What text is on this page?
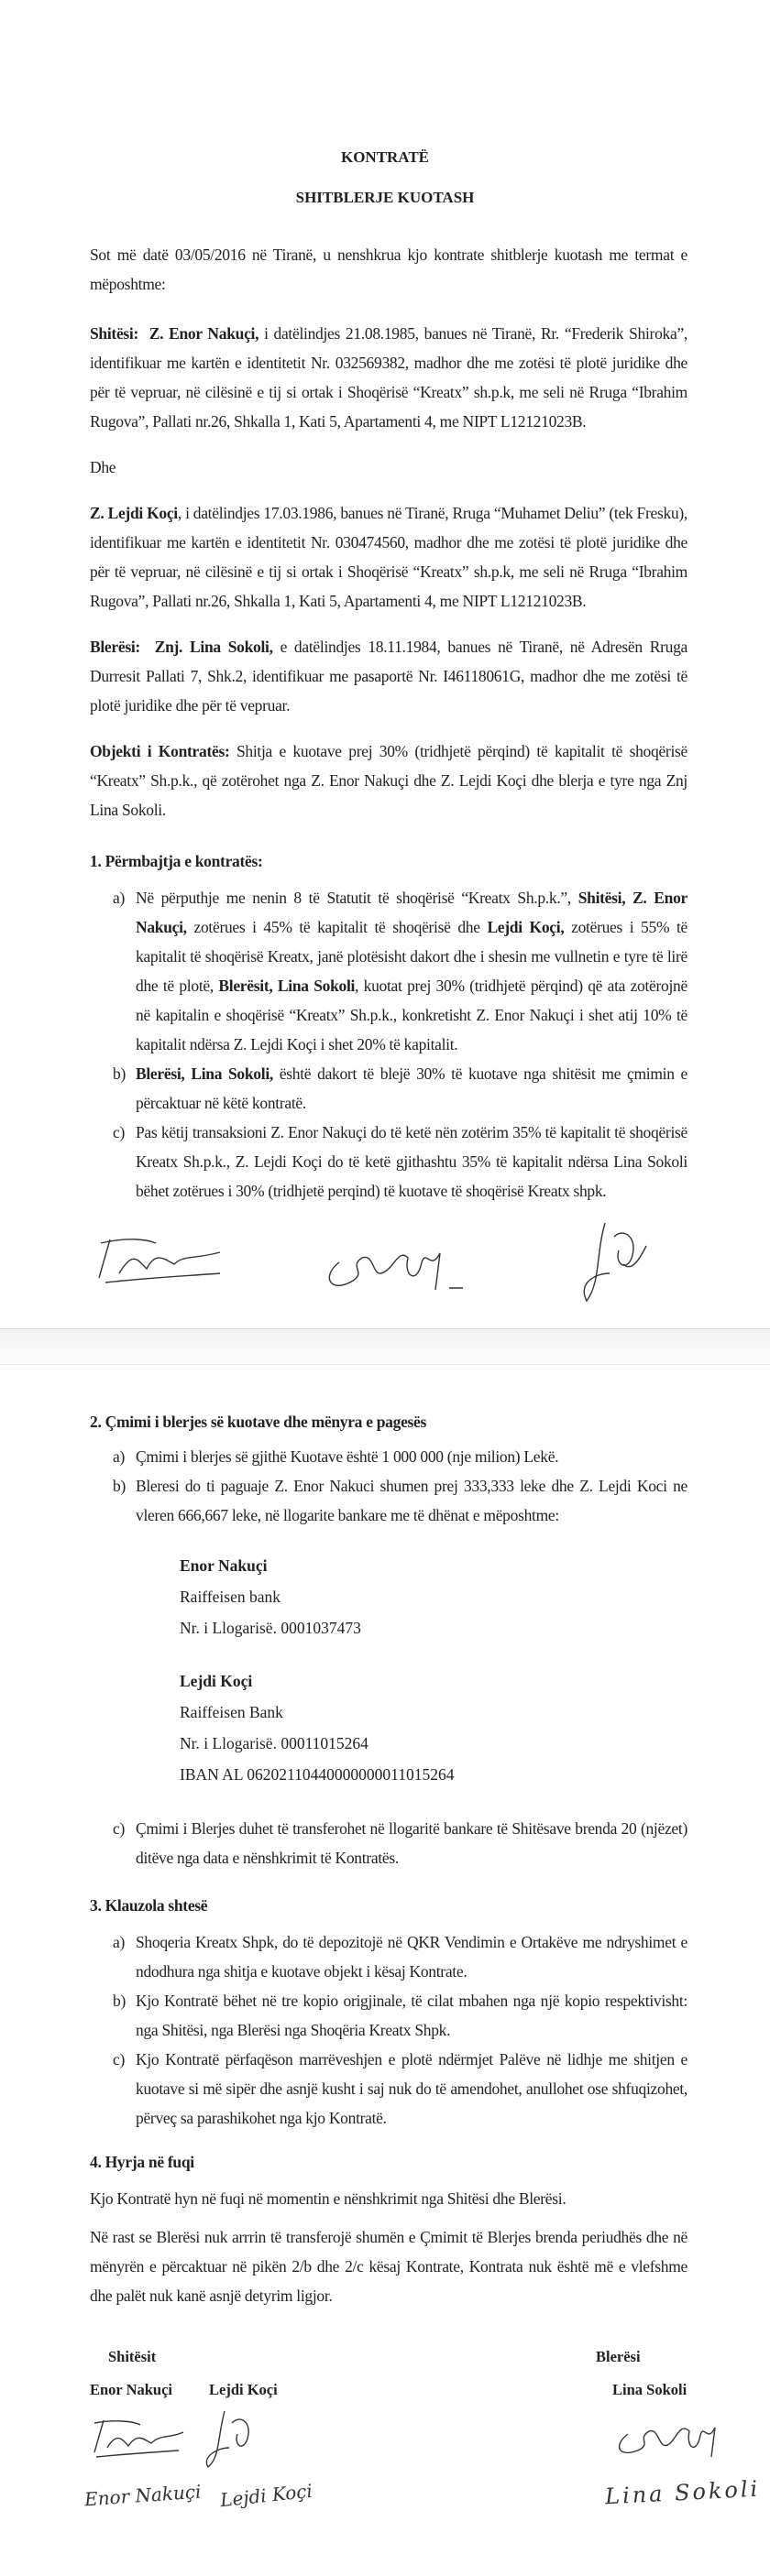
KONTRATË
SHITBLERJE KUOTASH
Sot më datë 03/05/2016 në Tiranë, u nenshkrua kjo kontrate shitblerje kuotash me termat e mëposhtme:
Shitësi: Z. Enor Nakuçi, i datëlindjes 21.08.1985, banues në Tiranë, Rr. “Frederik Shiroka”, identifikuar me kartën e identitetit Nr. 032569382, madhor dhe me zotësi të plotë juridike dhe për të vepruar, në cilësinë e tij si ortak i Shoqërisë “Kreatx” sh.p.k, me seli në Rruga “Ibrahim Rugova”, Pallati nr.26, Shkalla 1, Kati 5, Apartamenti 4, me NIPT L12121023B.
Dhe
Z. Lejdi Koçi, i datëlindjes 17.03.1986, banues në Tiranë, Rruga “Muhamet Deliu” (tek Fresku), identifikuar me kartën e identitetit Nr. 030474560, madhor dhe me zotësi të plotë juridike dhe për të vepruar, në cilësinë e tij si ortak i Shoqërisë “Kreatx” sh.p.k, me seli në Rruga “Ibrahim Rugova”, Pallati nr.26, Shkalla 1, Kati 5, Apartamenti 4, me NIPT L12121023B.
Blerësi: Znj. Lina Sokoli, e datëlindjes 18.11.1984, banues në Tiranë, në Adresën Rruga Durresit Pallati 7, Shk.2, identifikuar me pasaportë Nr. I46118061G, madhor dhe me zotësi të plotë juridike dhe për të vepruar.
Objekti i Kontratës: Shitja e kuotave prej 30% (tridhjetë përqind) të kapitalit të shoqërisë “Kreatx” Sh.p.k., që zotërohet nga Z. Enor Nakuçi dhe Z. Lejdi Koçi dhe blerja e tyre nga Znj Lina Sokoli.
1. Përmbajtja e kontratës:
a) Në përputhje me nenin 8 të Statutit të shoqërisë “Kreatx Sh.p.k.”, Shitësi, Z. Enor Nakuçi, zotërues i 45% të kapitalit të shoqërisë dhe Lejdi Koçi, zotërues i 55% të kapitalit të shoqërisë Kreatx, janë plotësisht dakort dhe i shesin me vullnetin e tyre të lirë dhe të plotë, Blerësit, Lina Sokoli, kuotat prej 30% (tridhjetë përqind) që ata zotërojnë në kapitalin e shoqërisë “Kreatx” Sh.p.k., konkretisht Z. Enor Nakuçi i shet atij 10% të kapitalit ndërsa Z. Lejdi Koçi i shet 20% të kapitalit.
b) Blerësi, Lina Sokoli, është dakort të blejë 30% të kuotave nga shitësit me çmimin e përcaktuar në këtë kontratë.
c) Pas këtij transaksioni Z. Enor Nakuçi do të ketë nën zotërim 35% të kapitalit të shoqërisë Kreatx Sh.p.k., Z. Lejdi Koçi do të ketë gjithashtu 35% të kapitalit ndërsa Lina Sokoli bëhet zotërues i 30% (tridhjetë perqind) të kuotave të shoqërisë Kreatx shpk.
2. Çmimi i blerjes së kuotave dhe mënyra e pagesës
a) Çmimi i blerjes së gjithë Kuotave është 1 000 000 (nje milion) Lekë.
b) Bleresi do ti paguaje Z. Enor Nakuci shumen prej 333,333 leke dhe Z. Lejdi Koci ne vleren 666,667 leke, në llogarite bankare me të dhënat e mëposhtme:
Enor Nakuçi
Raiffeisen bank
Nr. i Llogarisë. 0001037473
Lejdi Koçi
Raiffeisen Bank
Nr. i Llogarisë. 00011015264
IBAN AL 06202110440000000011015264
c) Çmimi i Blerjes duhet të transferohet në llogaritë bankare të Shitësave brenda 20 (njëzet) ditëve nga data e nënshkrimit të Kontratës.
3. Klauzola shtesë
a) Shoqeria Kreatx Shpk, do të depozitojë në QKR Vendimin e Ortakëve me ndryshimet e ndodhura nga shitja e kuotave objekt i kësaj Kontrate.
b) Kjo Kontratë bëhet në tre kopio origjinale, të cilat mbahen nga një kopio respektivisht: nga Shitësi, nga Blerësi nga Shoqëria Kreatx Shpk.
c) Kjo Kontratë përfaqëson marrëveshjen e plotë ndërmjet Palëve në lidhje me shitjen e kuotave si më sipër dhe asnjë kusht i saj nuk do të amendohet, anullohet ose shfuqizohet, përveç sa parashikohet nga kjo Kontratë.
4. Hyrja në fuqi
Kjo Kontratë hyn në fuqi në momentin e nënshkrimit nga Shitësi dhe Blerësi.
Në rast se Blerësi nuk arrrin të transferojë shumën e Çmimit të Blerjes brenda periudhës dhe në mënyrën e përcaktuar në pikën 2/b dhe 2/c kësaj Kontrate, Kontrata nuk është më e vlefshme dhe palët nuk kanë asnjë detyrim ligjor.
Shitësit	Blerësi
Enor Nakuçi Lejdi Koçi	Lina Sokoli
Enor Nakuçi Lejdi Koçi	Lina Sokoli
